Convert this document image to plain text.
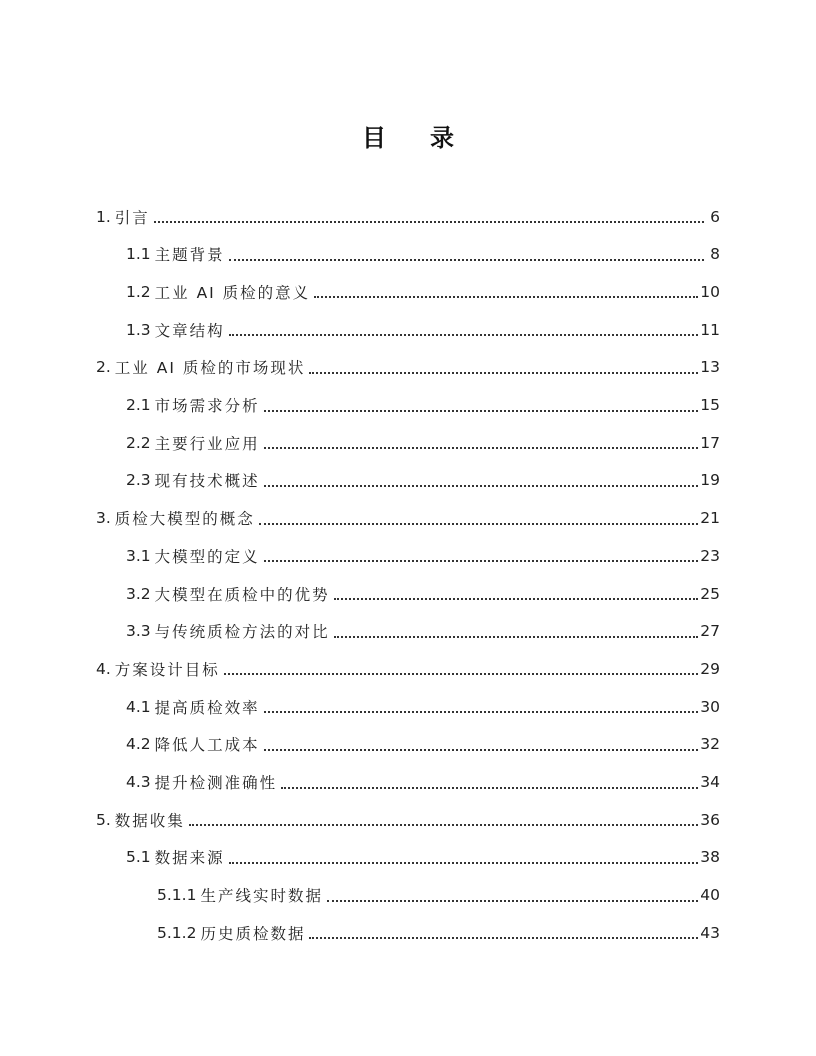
目 录
1. 引言	6
1.1 主题背景	8
1.2 工业 AI 质检的意义	10
1.3 文章结构	11
2. 工业 AI 质检的市场现状	13
2.1 市场需求分析	15
2.2 主要行业应用	17
2.3 现有技术概述	19
3. 质检大模型的概念	21
3.1 大模型的定义	23
3.2 大模型在质检中的优势	25
3.3 与传统质检方法的对比	27
4. 方案设计目标	29
4.1 提高质检效率	30
4.2 降低人工成本	32
4.3 提升检测准确性	34
5. 数据收集	36
5.1 数据来源	38
5.1.1 生产线实时数据	40
5.1.2 历史质检数据	43
